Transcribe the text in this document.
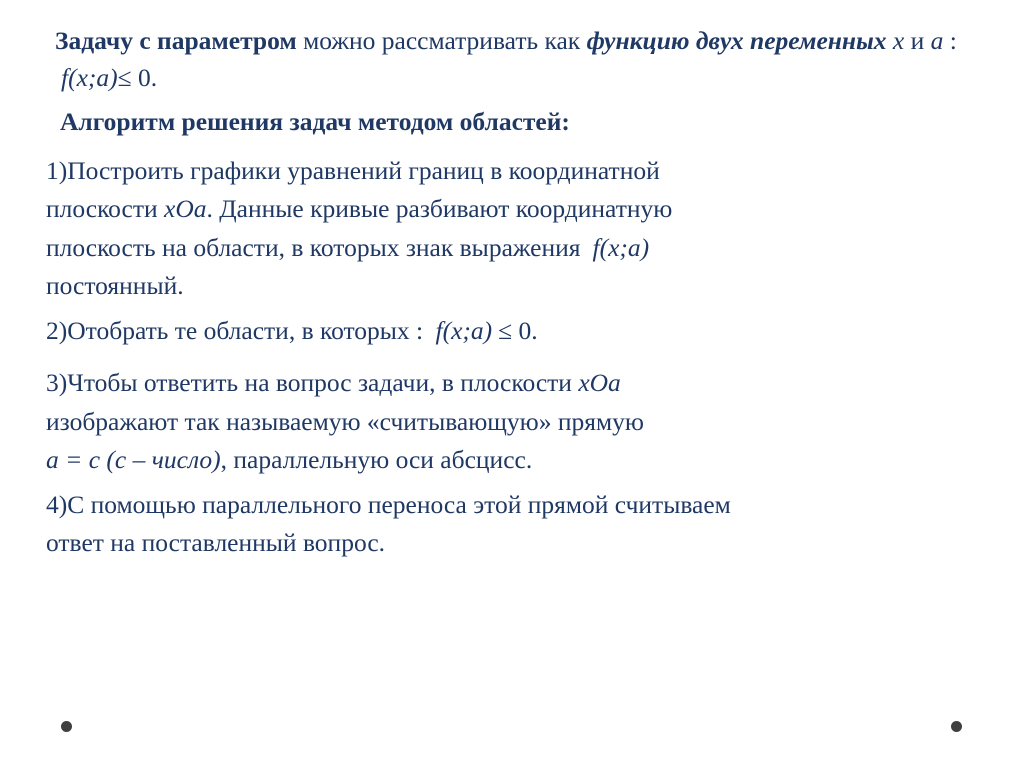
Задачу с параметром можно рассматривать как функцию двух переменных x и a : f(x;a)≤ 0.

Алгоритм решения задач методом областей:

1)Построить графики уравнений границ в координатной
плоскости xOa. Данные кривые разбивают координатную
плоскость на области, в которых знак выражения f(x;a)
постоянный.
2)Отобрать те области, в которых : f(x;a) ≤ 0.
3)Чтобы ответить на вопрос задачи, в плоскости xOa
изображают так называемую «считывающую» прямую
a = c (c – число), параллельную оси абсцисс.
4)С помощью параллельного переноса этой прямой считываем
ответ на поставленный вопрос.
